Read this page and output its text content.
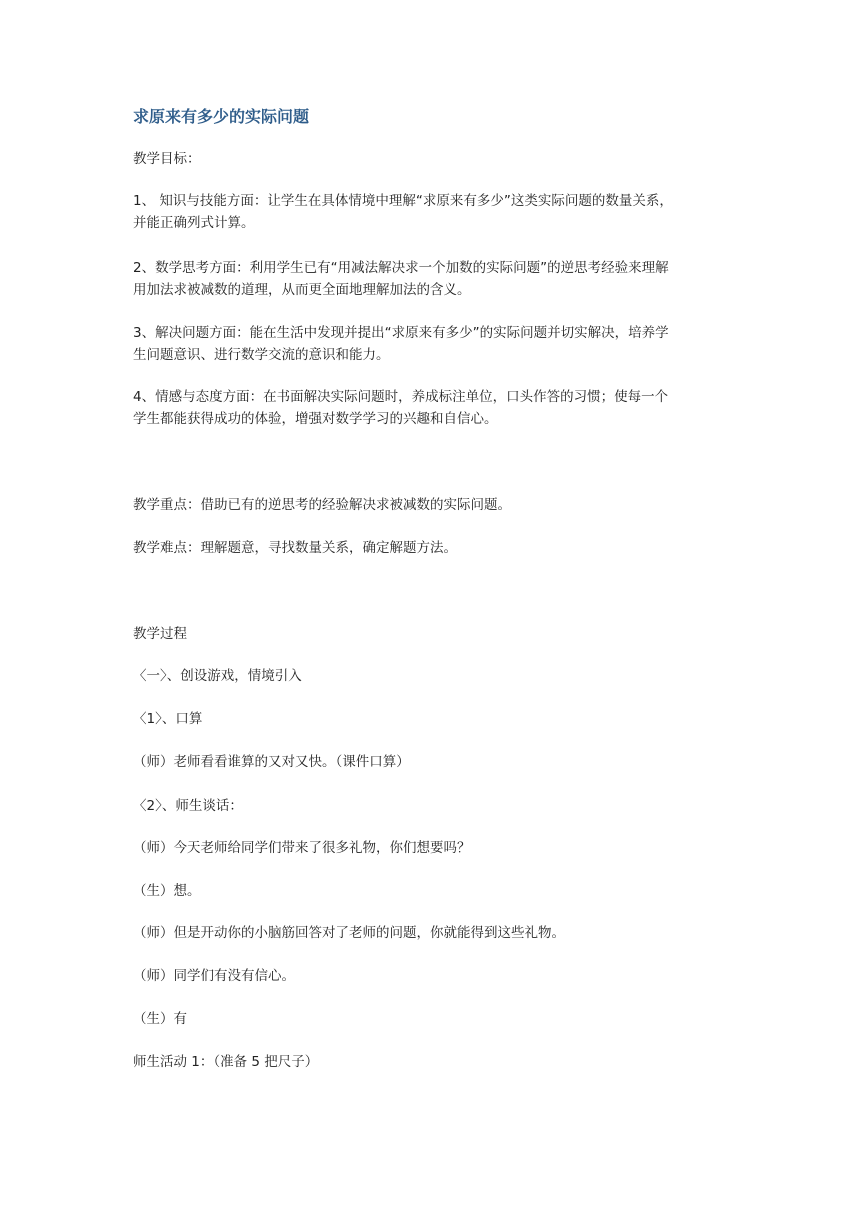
求原来有多少的实际问题
教学目标：
1、 知识与技能方面：让学生在具体情境中理解“求原来有多少”这类实际问题的数量关系，
并能正确列式计算。
2、数学思考方面：利用学生已有“用减法解决求一个加数的实际问题”的逆思考经验来理解
用加法求被减数的道理，从而更全面地理解加法的含义。
3、解决问题方面：能在生活中发现并提出“求原来有多少”的实际问题并切实解决，培养学
生问题意识、进行数学交流的意识和能力。
4、情感与态度方面：在书面解决实际问题时，养成标注单位，口头作答的习惯；使每一个
学生都能获得成功的体验，增强对数学学习的兴趣和自信心。
教学重点：借助已有的逆思考的经验解决求被减数的实际问题。
教学难点：理解题意，寻找数量关系，确定解题方法。
教学过程
〈一〉、创设游戏，情境引入
〈1〉、口算
（师）老师看看谁算的又对又快。（课件口算）
〈2〉、师生谈话：
（师）今天老师给同学们带来了很多礼物，你们想要吗？
（生）想。
（师）但是开动你的小脑筋回答对了老师的问题，你就能得到这些礼物。
（师）同学们有没有信心。
（生）有
师生活动 1：（准备 5 把尺子）
